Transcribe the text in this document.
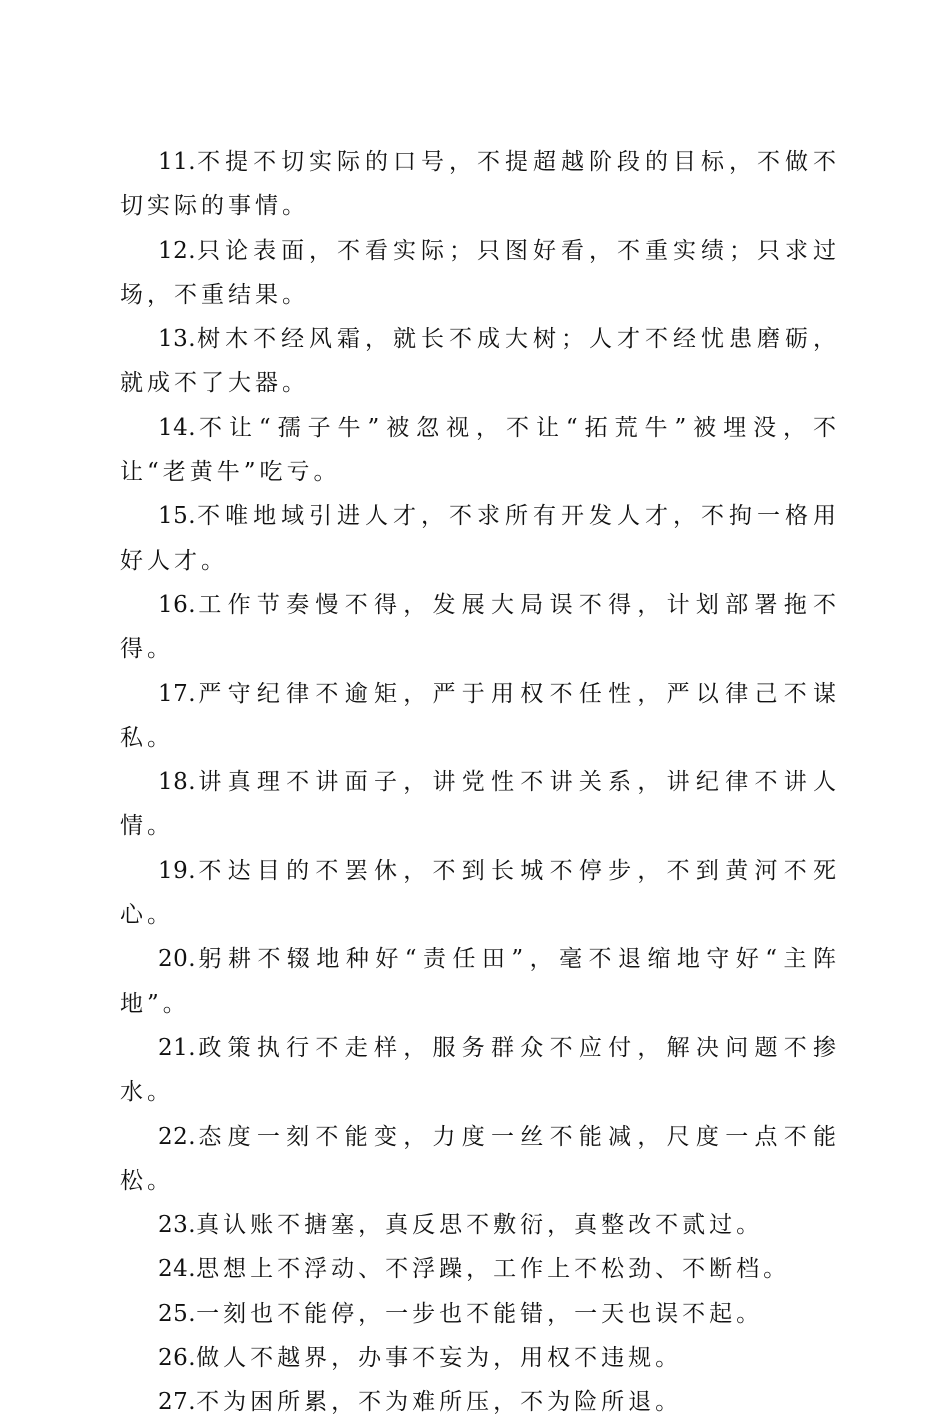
11.不提不切实际的口号，不提超越阶段的目标，不做不切实际的事情。

12.只论表面，不看实际；只图好看，不重实绩；只求过场，不重结果。

13.树木不经风霜，就长不成大树；人才不经忧患磨砺，就成不了大器。

14.不让“孺子牛”被忽视，不让“拓荒牛”被埋没，不让“老黄牛”吃亏。

15.不唯地域引进人才，不求所有开发人才，不拘一格用好人才。

16.工作节奏慢不得，发展大局误不得，计划部署拖不得。

17.严守纪律不逾矩，严于用权不任性，严以律己不谋私。

18.讲真理不讲面子，讲党性不讲关系，讲纪律不讲人情。

19.不达目的不罢休，不到长城不停步，不到黄河不死心。

20.躬耕不辍地种好“责任田”，毫不退缩地守好“主阵地”。

21.政策执行不走样，服务群众不应付，解决问题不掺水。

22.态度一刻不能变，力度一丝不能减，尺度一点不能松。

23.真认账不搪塞，真反思不敷衍，真整改不贰过。

24.思想上不浮动、不浮躁，工作上不松劲、不断档。

25.一刻也不能停，一步也不能错，一天也误不起。

26.做人不越界，办事不妄为，用权不违规。

27.不为困所累，不为难所压，不为险所退。
